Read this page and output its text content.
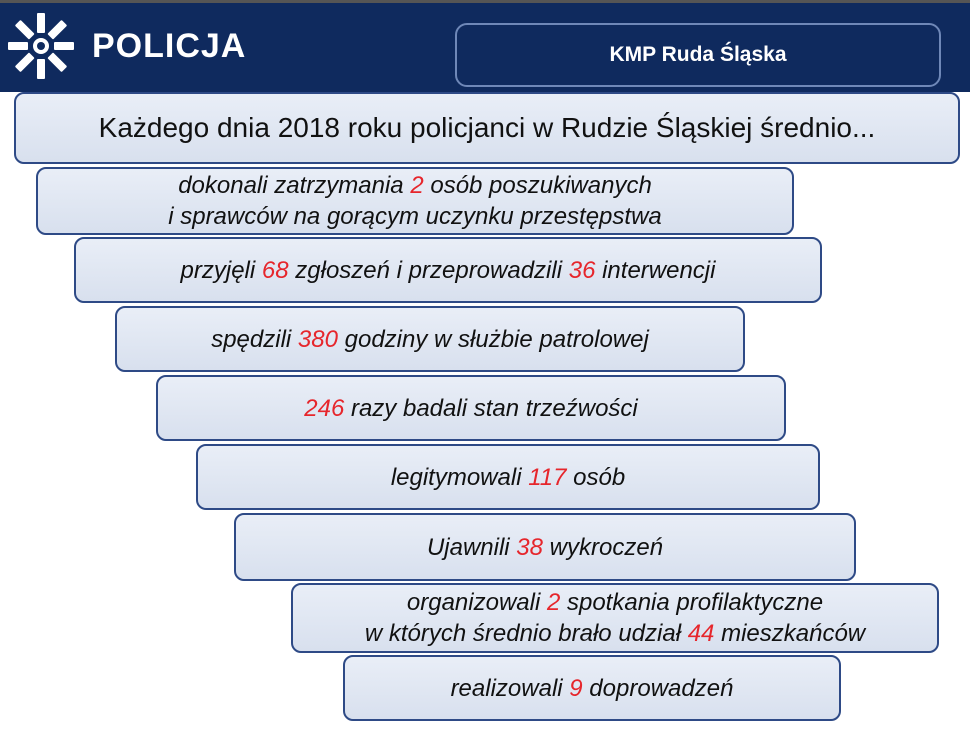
POLICJA	KMP Ruda Śląska
Każdego dnia 2018 roku policjanci w Rudzie Śląskiej średnio...
dokonali zatrzymania 2 osób poszukiwanych
i sprawców na gorącym uczynku przestępstwa
przyjęli 68 zgłoszeń i przeprowadzili 36 interwencji
spędzili 380 godziny w służbie patrolowej
246 razy badali stan trzeźwości
legitymowali 117 osób
Ujawnili 38 wykroczeń
organizowali 2 spotkania profilaktyczne
w których średnio brało udział 44 mieszkańców
realizowali 9 doprowadzeń
